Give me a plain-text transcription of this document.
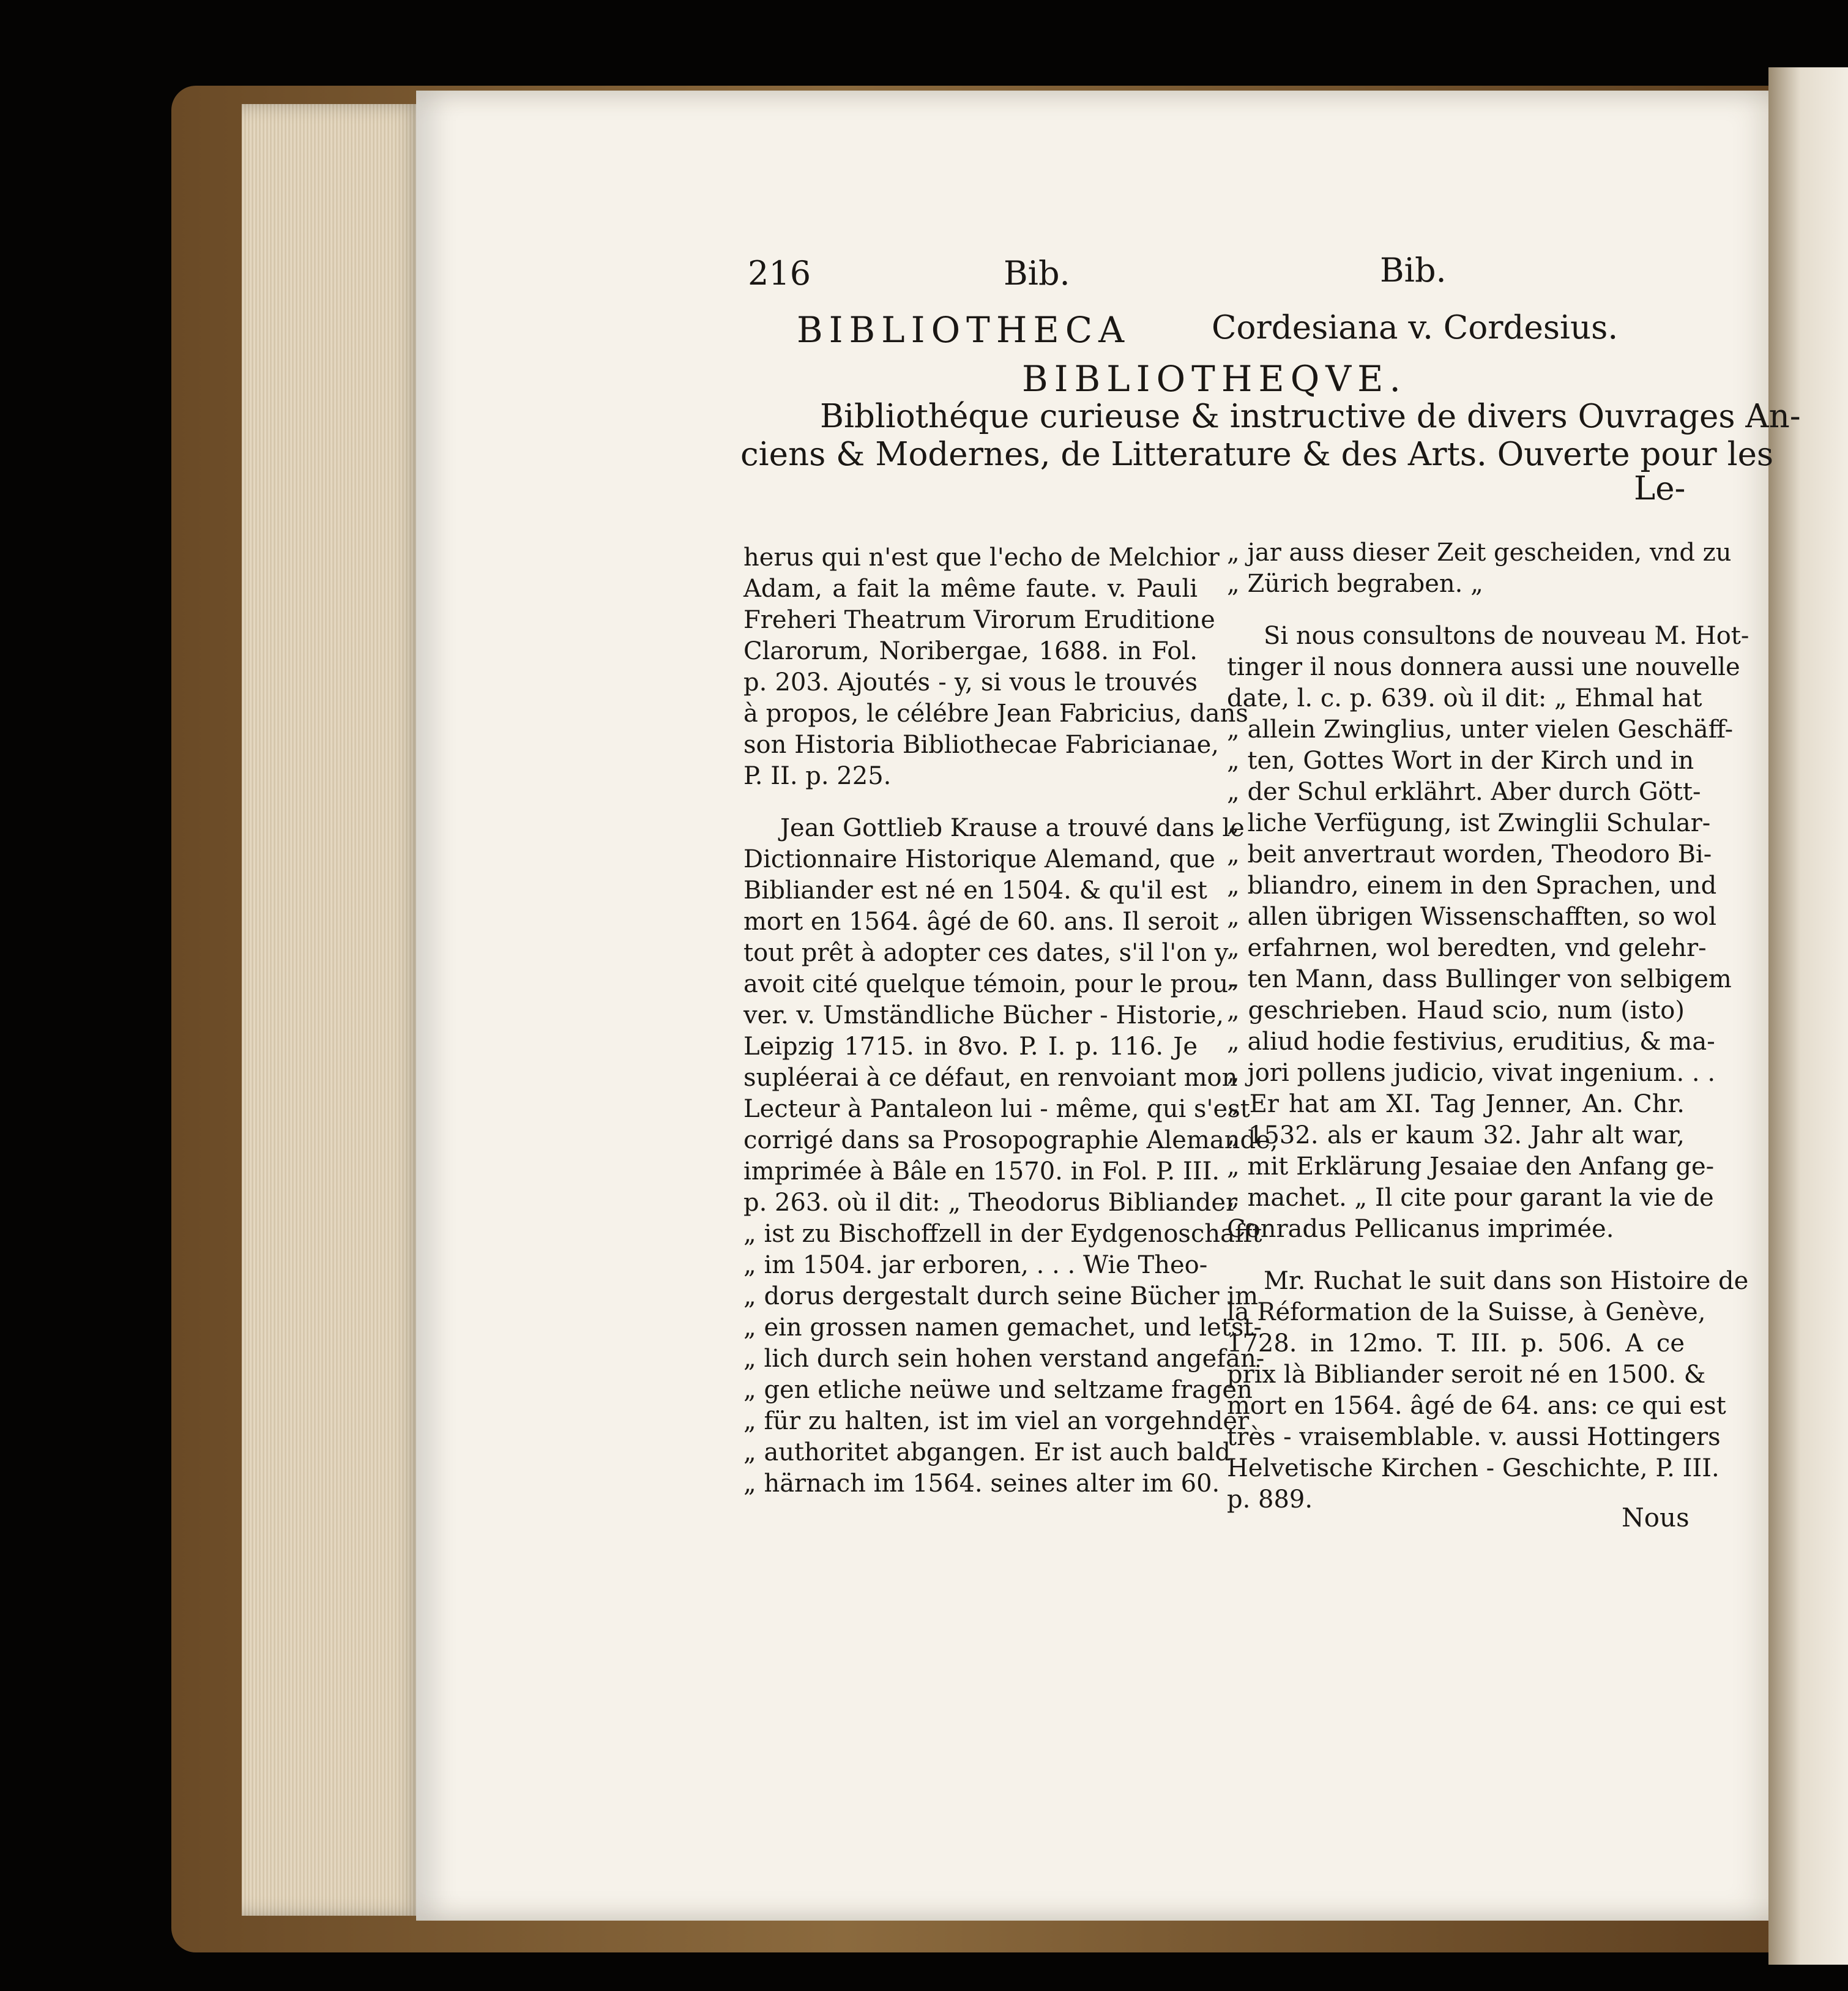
216	Bib.	Bib.
BIBLIOTHECA	Cordesiana v. Cordesius.
BIBLIOTHEQVE.
Bibliothéque curieuse & instructive de divers Ouvrages An-
ciens & Modernes, de Litterature & des Arts. Ouverte pour les
Le-
herus qui n'est que l'echo de Melchior
Adam, a fait la même faute. v. Pauli
Freheri Theatrum Virorum Eruditione
Clarorum, Noribergae, 1688. in Fol.
p. 203. Ajoutés - y, si vous le trouvés
à propos, le célébre Jean Fabricius, dans
son Historia Bibliothecae Fabricianae,
P. II. p. 225.
Jean Gottlieb Krause a trouvé dans le
Dictionnaire Historique Alemand, que
Bibliander est né en 1504. & qu'il est
mort en 1564. âgé de 60. ans. Il seroit
tout prêt à adopter ces dates, s'il l'on y
avoit cité quelque témoin, pour le prou-
ver. v. Umständliche Bücher - Historie,
Leipzig 1715. in 8vo. P. I. p. 116. Je
supléerai à ce défaut, en renvoiant mon
Lecteur à Pantaleon lui - même, qui s'est
corrigé dans sa Prosopographie Alemande,
imprimée à Bâle en 1570. in Fol. P. III.
p. 263. où il dit: „ Theodorus Bibliander
„ ist zu Bischoffzell in der Eydgenoschafft
„ im 1504. jar erboren, . . . Wie Theo-
„ dorus dergestalt durch seine Bücher im
„ ein grossen namen gemachet, und letst-
„ lich durch sein hohen verstand angefan-
„ gen etliche neüwe und seltzame fragen
„ für zu halten, ist im viel an vorgehnder
„ authoritet abgangen. Er ist auch bald
„ härnach im 1564. seines alter im 60.
„ jar auss dieser Zeit gescheiden, vnd zu
„ Zürich begraben. „
Si nous consultons de nouveau M. Hot-
tinger il nous donnera aussi une nouvelle
date, l. c. p. 639. où il dit: „ Ehmal hat
„ allein Zwinglius, unter vielen Geschäff-
„ ten, Gottes Wort in der Kirch und in
„ der Schul erklährt. Aber durch Gött-
„ liche Verfügung, ist Zwinglii Schular-
„ beit anvertraut worden, Theodoro Bi-
„ bliandro, einem in den Sprachen, und
„ allen übrigen Wissenschafften, so wol
„ erfahrnen, wol beredten, vnd gelehr-
„ ten Mann, dass Bullinger von selbigem
„ geschrieben. Haud scio, num (isto)
„ aliud hodie festivius, eruditius, & ma-
„ jori pollens judicio, vivat ingenium. . .
„ Er hat am XI. Tag Jenner, An. Chr.
„ 1532. als er kaum 32. Jahr alt war,
„ mit Erklärung Jesaiae den Anfang ge-
„ machet. „ Il cite pour garant la vie de
Conradus Pellicanus imprimée.
Mr. Ruchat le suit dans son Histoire de
la Réformation de la Suisse, à Genève,
1728. in 12mo. T. III. p. 506. A ce
prix là Bibliander seroit né en 1500. &
mort en 1564. âgé de 64. ans: ce qui est
très - vraisemblable. v. aussi Hottingers
Helvetische Kirchen - Geschichte, P. III.
p. 889.
Nous
